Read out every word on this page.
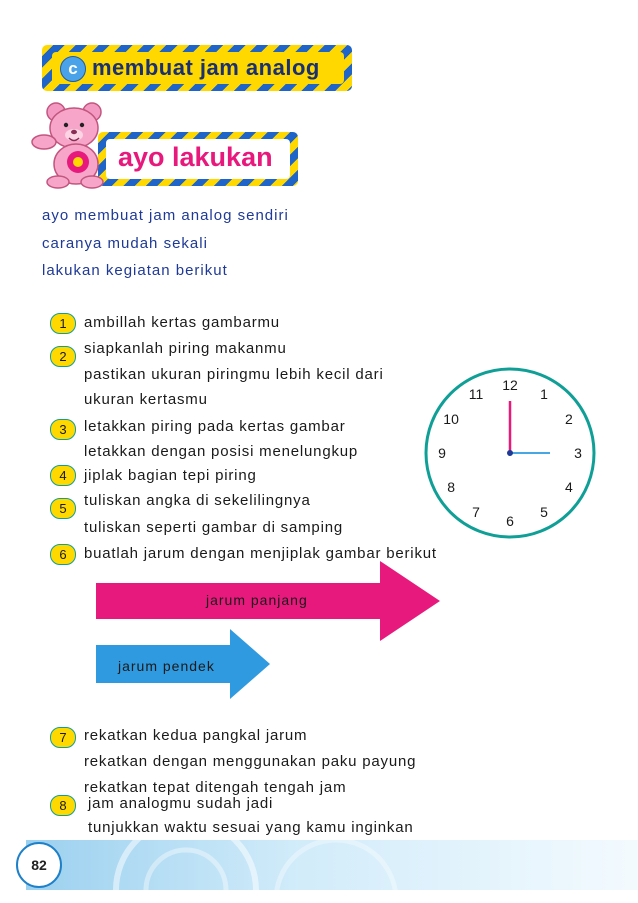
c membuat jam analog
ayo lakukan
ayo membuat jam analog sendiri
caranya mudah sekali
lakukan kegiatan berikut
1	ambillah kertas gambarmu
2	siapkanlah piring makanmu
pastikan ukuran piringmu lebih kecil dari
ukuran kertasmu
3	letakkan piring pada kertas gambar
letakkan dengan posisi menelungkup
4	jiplak bagian tepi piring
5	tuliskan angka di sekelilingnya
tuliskan seperti gambar di samping
6	buatlah jarum dengan menjiplak gambar berikut
12
1
2
3
4
5
6
7
8
9
10
11
jarum panjang
jarum pendek
7	rekatkan kedua pangkal jarum
rekatkan dengan menggunakan paku payung
rekatkan tepat ditengah tengah jam
8	jam analogmu sudah jadi
tunjukkan waktu sesuai yang kamu inginkan
82
